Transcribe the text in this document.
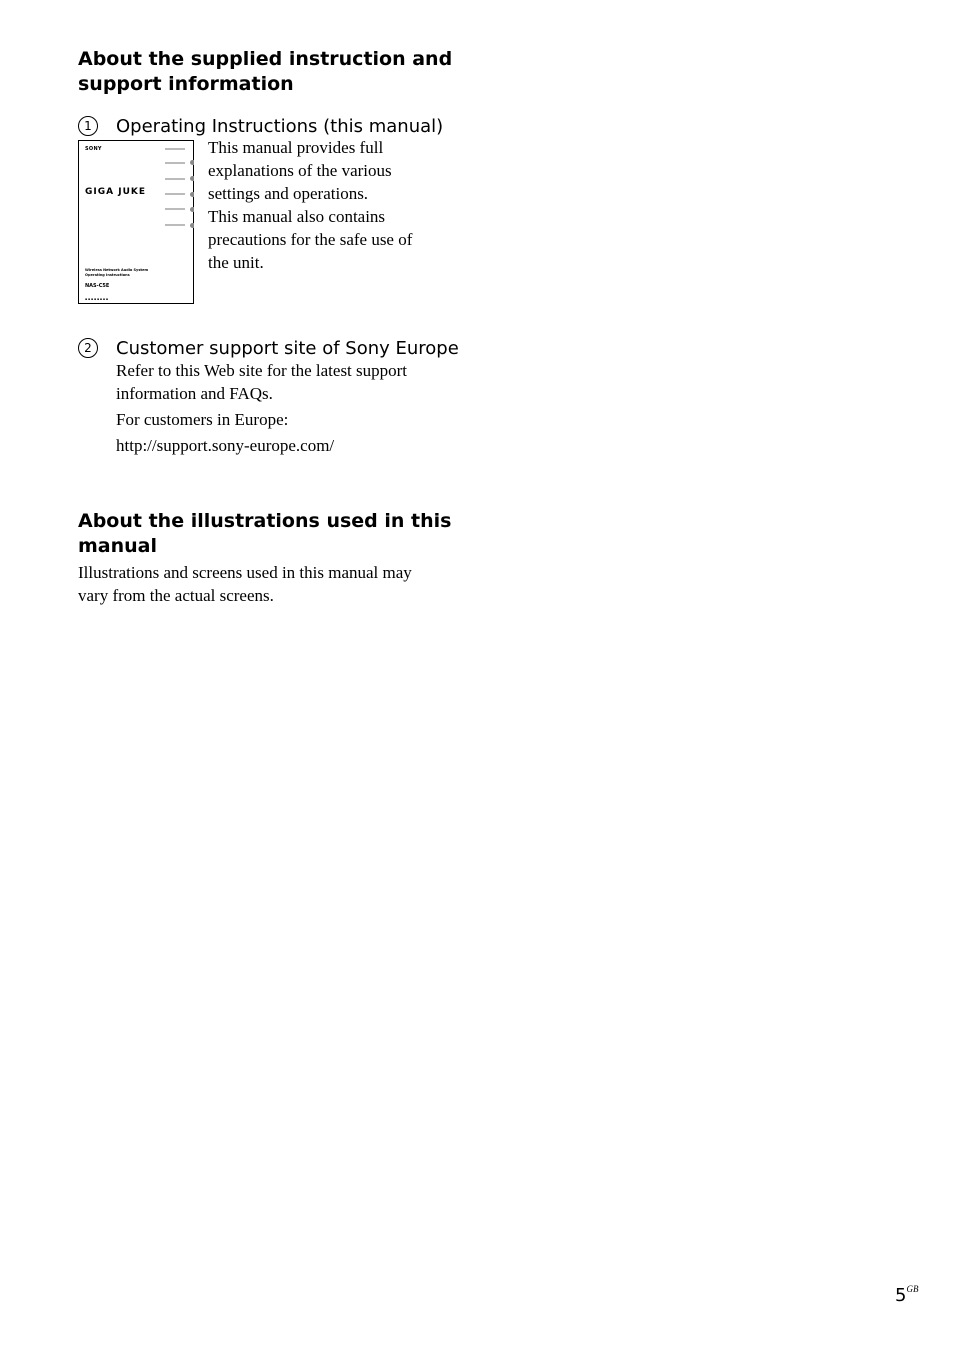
About the supplied instruction and support information
1	Operating Instructions (this manual)
SONY
GIGA JUKE
Wireless Network Audio System
Operating Instructions
NAS-C5E
▪ ▪ ▪ ▪ ▪ ▪ ▪ ▪

This manual provides full

explanations of the various

settings and operations.

This manual also contains

precautions for the safe use of

the unit.

2	Customer support site of Sony Europe

Refer to this Web site for the latest support

information and FAQs.

For customers in Europe:

http://support.sony-europe.com/

About the illustrations used in this manual

Illustrations and screens used in this manual may

vary from the actual screens.

$5^{GB}$
